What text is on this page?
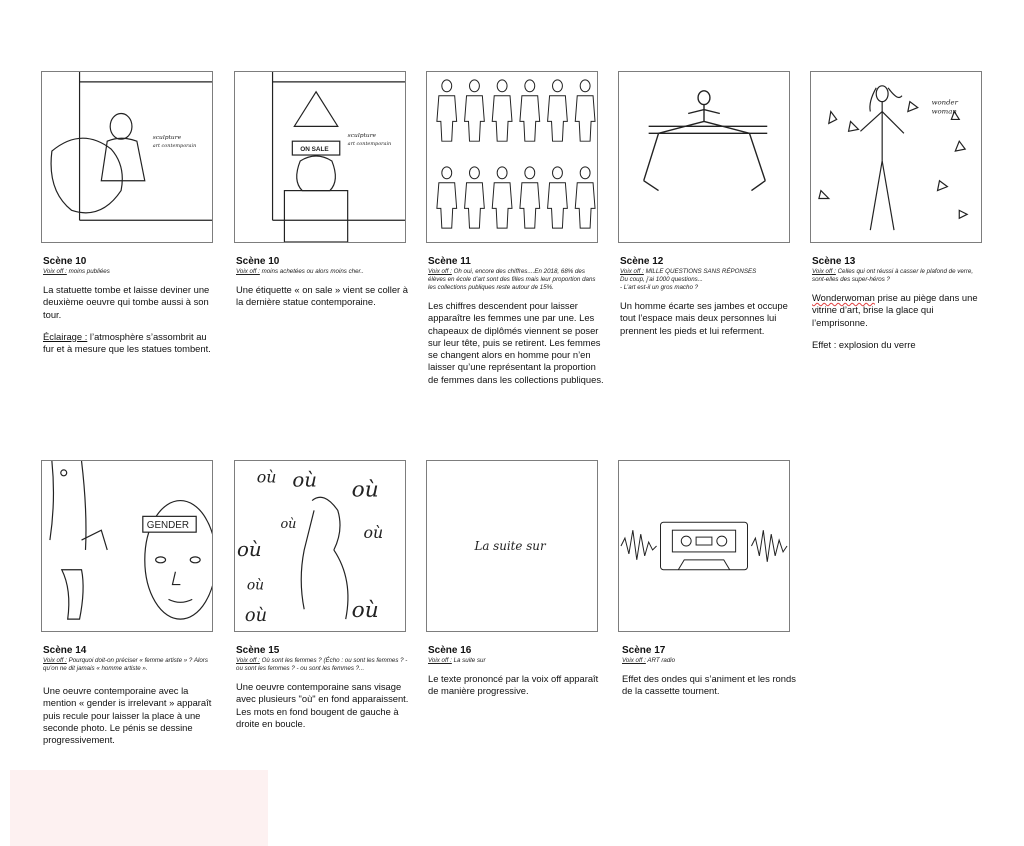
sculpture
art contemporain	ON SALE
sculpture
art contemporain
wonder
woman
Scène 10
Voix off : moins publiées

La statuette tombe et laisse deviner une deuxième oeuvre qui tombe aussi à son tour.

Éclairage : l’atmosphère s’assombrit au fur et à mesure que les statues tombent.

Scène 10
Voix off : moins achetées ou alors moins cher..

Une étiquette « on sale » vient se coller à la dernière statue contemporaine.

Scène 11
Voix off : Oh oui, encore des chiffres....En 2018, 68% des élèves en école d’art sont des filles mais leur proportion dans les collections publiques reste autour de 15%.

Les chiffres descendent pour laisser apparaître les femmes une par une. Les chapeaux de diplômés viennent se poser sur leur tête, puis se retirent. Les femmes se changent alors en homme pour n’en laisser qu’une représentant la proportion de femmes dans les collections publiques.

Scène 12
Voix off : MILLE QUESTIONS SANS RÉPONSES
Du coup, j’ai 1000 questions...
- L’art est-il un gros macho ?

Un homme écarte ses jambes et occupe tout l’espace mais deux personnes lui prennent les pieds et lui referment.

Scène 13
Voix off : Celles qui ont réussi à casser le plafond de verre, sont-elles des super-héros ?

Wonderwoman prise au piège dans une vitrine d’art, brise la glace qui l’emprisonne.

Effet : explosion du verre

GENDER
où où où
où	où
où
où
où	où
La suite sur
Scène 14
Voix off : Pourquoi doit-on préciser « femme artiste » ? Alors qu’on ne dit jamais « homme artiste ».

Une oeuvre contemporaine avec la mention « gender is irrelevant » apparaît puis recule pour laisser la place à une seconde photo. Le pénis se dessine progressivement.

Scène 15
Voix off : Où sont les femmes ? (Écho : ou sont les femmes ? - ou sont les femmes ? - ou sont les femmes ?...

Une oeuvre contemporaine sans visage avec plusieurs "où" en fond apparaissent. Les mots en fond bougent de gauche à droite en boucle.

Scène 16
Voix off : La suite sur

Le texte prononcé par la voix off apparaît de manière progressive.

Scène 17
Voix off : ART radio

Effet des ondes qui s’animent et les ronds de la cassette tournent.
